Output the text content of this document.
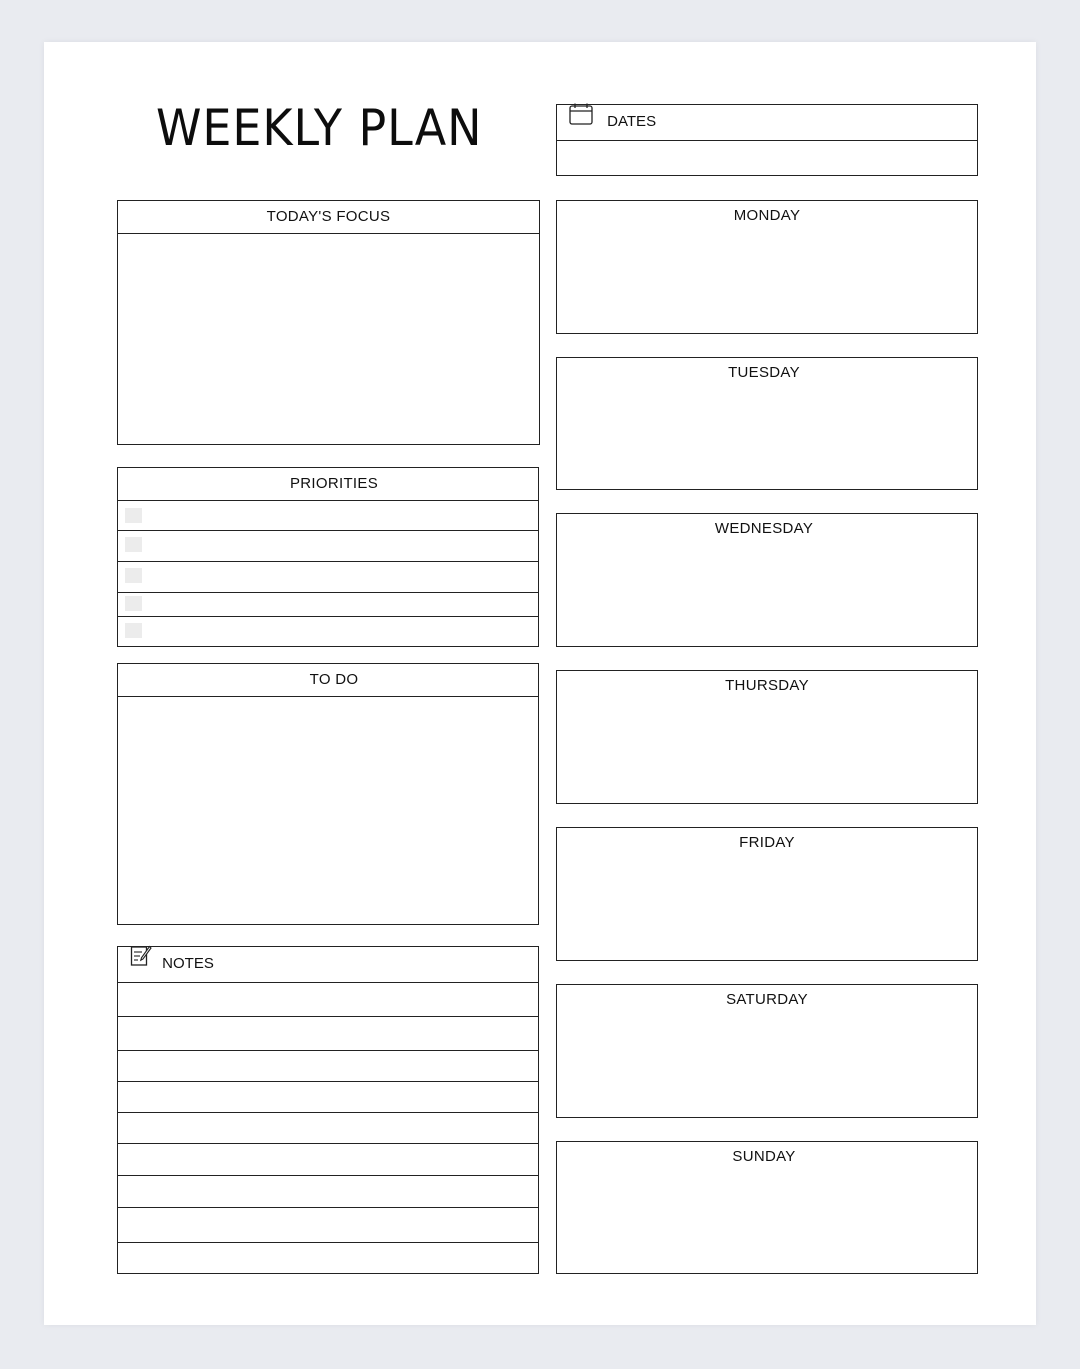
WEEKLY PLAN	DATES
TODAY'S FOCUS
PRIORITIES
TO DO
NOTES
MONDAY
TUESDAY
WEDNESDAY
THURSDAY
FRIDAY
SATURDAY
SUNDAY
